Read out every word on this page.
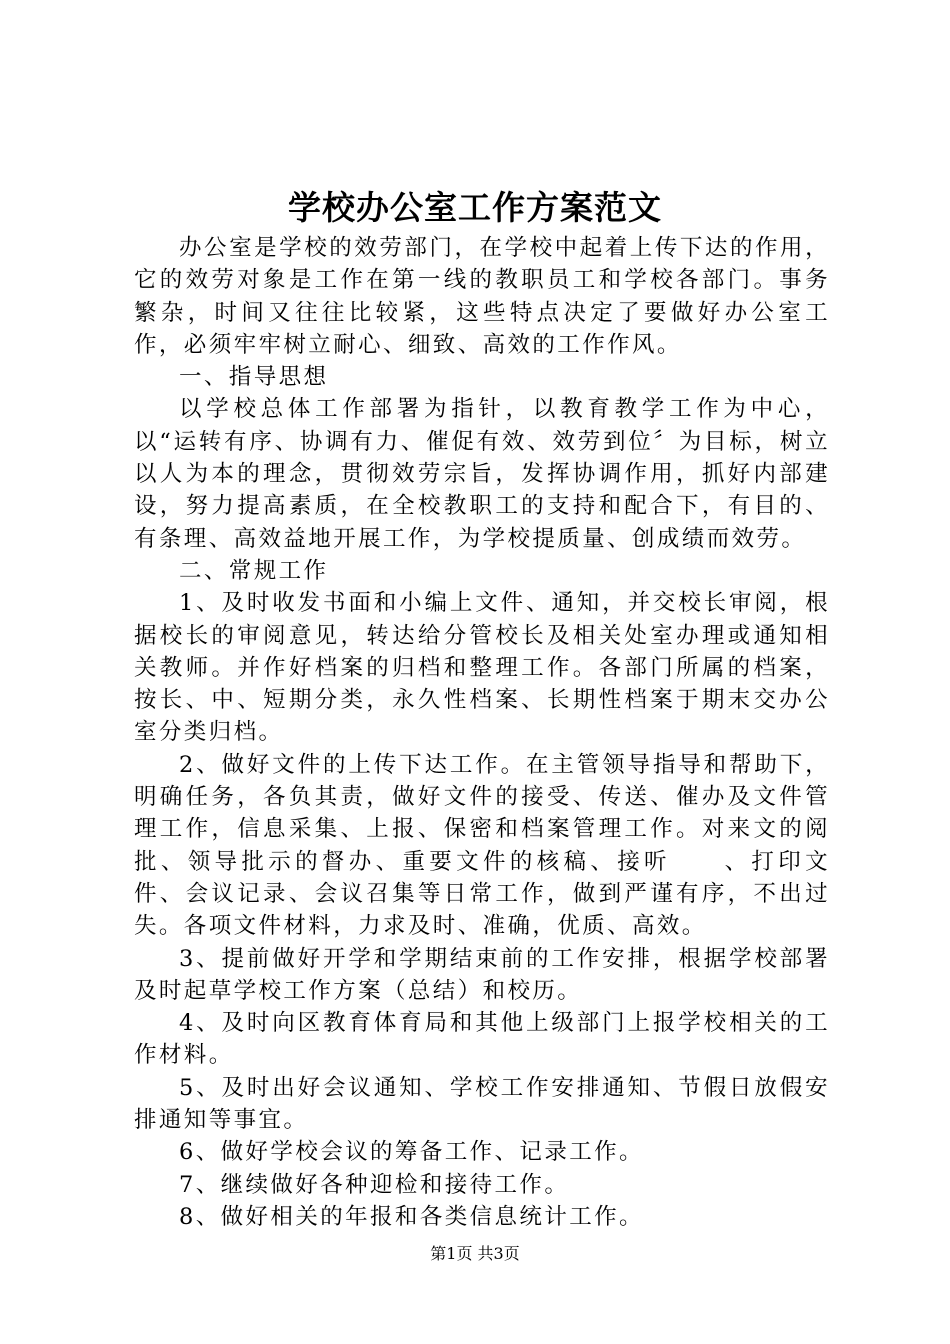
学校办公室工作方案范文

办公室是学校的效劳部门，在学校中起着上传下达的作用，它的效劳对象是工作在第一线的教职员工和学校各部门。事务繁杂，时间又往往比较紧，这些特点决定了要做好办公室工作，必须牢牢树立耐心、细致、高效的工作作风。

一、指导思想

以学校总体工作部署为指针，以教育教学工作为中心，以“运转有序、协调有力、催促有效、效劳到位〞为目标，树立以人为本的理念，贯彻效劳宗旨，发挥协调作用，抓好内部建设，努力提高素质，在全校教职工的支持和配合下，有目的、有条理、高效益地开展工作，为学校提质量、创成绩而效劳。

二、常规工作

1、及时收发书面和小编上文件、通知，并交校长审阅，根据校长的审阅意见，转达给分管校长及相关处室办理或通知相关教师。并作好档案的归档和整理工作。各部门所属的档案，按长、中、短期分类，永久性档案、长期性档案于期末交办公室分类归档。

2、做好文件的上传下达工作。在主管领导指导和帮助下，明确任务，各负其责，做好文件的接受、传送、催办及文件管理工作，信息采集、上报、保密和档案管理工作。对来文的阅批、领导批示的督办、重要文件的核稿、接听　　、打印文件、会议记录、会议召集等日常工作，做到严谨有序，不出过失。各项文件材料，力求及时、准确，优质、高效。

3、提前做好开学和学期结束前的工作安排，根据学校部署及时起草学校工作方案（总结）和校历。

4、及时向区教育体育局和其他上级部门上报学校相关的工作材料。

5、及时出好会议通知、学校工作安排通知、节假日放假安排通知等事宜。

6、做好学校会议的筹备工作、记录工作。

7、继续做好各种迎检和接待工作。

8、做好相关的年报和各类信息统计工作。

第1页 共3页
